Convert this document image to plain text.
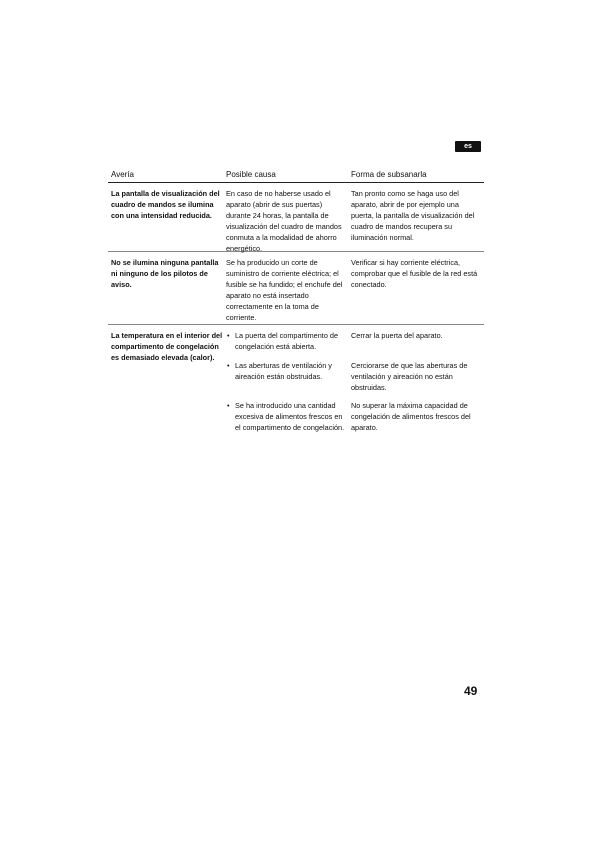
es
Avería	Posible causa	Forma de subsanarla
La pantalla de visualización del cuadro de mandos se ilumina con una intensidad reducida.
En caso de no haberse usado el aparato (abrir de sus puertas) durante 24 horas, la pantalla de visualización del cuadro de mandos conmuta a la modalidad de ahorro energético.
Tan pronto como se haga uso del aparato, abrir de por ejemplo una puerta, la pantalla de visualización del cuadro de mandos recupera su iluminación normal.
No se ilumina ninguna pantalla ni ninguno de los pilotos de aviso.
Se ha producido un corte de suministro de corriente eléctrica; el fusible se ha fundido; el enchufe del aparato no está insertado correctamente en la toma de corriente.
Verificar si hay corriente eléctrica, comprobar que el fusible de la red está conectado.
La temperatura en el interior del compartimento de congelación es demasiado elevada (calor).
• La puerta del compartimento de congelación está abierta.
• Las aberturas de ventilación y aireación están obstruidas.
• Se ha introducido una cantidad excesiva de alimentos frescos en el compartimento de congelación.
Cerrar la puerta del aparato.
Cerciorarse de que las aberturas de ventilación y aireación no están obstruidas.
No superar la máxima capacidad de congelación de alimentos frescos del aparato.
49
